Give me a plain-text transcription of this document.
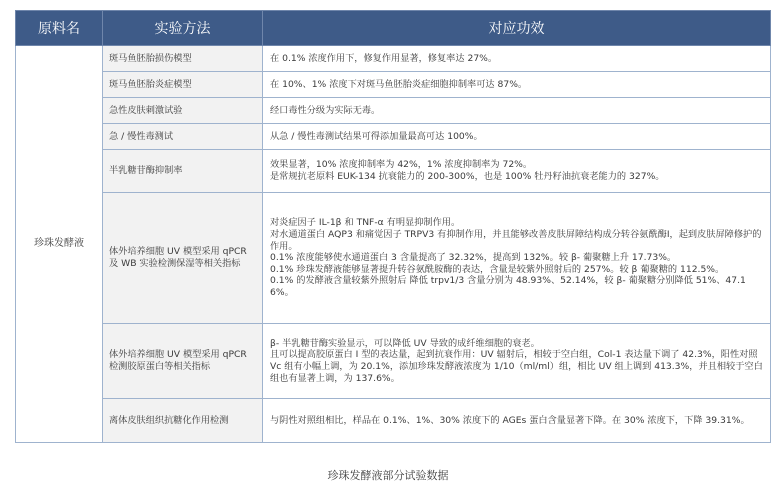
原料名	实验方法	对应功效
珍珠发酵液	斑马鱼胚胎损伤模型	在 0.1% 浓度作用下，修复作用显著，修复率达 27%。

	斑马鱼胚胎炎症模型	在 10%、1% 浓度下对斑马鱼胚胎炎症细胞抑制率可达 87%。

	急性皮肤刺激试验	经口毒性分级为实际无毒。

	急 / 慢性毒测试	从急 / 慢性毒测试结果可得添加量最高可达 100%。

	半乳糖苷酶抑制率	效果显著，10% 浓度抑制率为 42%，1% 浓度抑制率为 72%。
是常规抗老原料 EUK-134 抗衰能力的 200-300%，也是 100% 牡丹籽油抗衰老能力的 327%。

	体外培养细胞 UV 模型采用 qPCR 及 WB 实验检测保湿等相关指标	对炎症因子 IL-1β 和 TNF-α 有明显抑制作用。
对水通道蛋白 AQP3 和痛觉因子 TRPV3 有抑制作用，并且能够改善皮肤屏障结构成分转谷氨酰酶Ⅰ，起到皮肤屏障修护的作用。
0.1% 浓度能够使水通道蛋白 3 含量提高了 32.32%，提高到 132%。较 β- 葡聚糖上升 17.73%。
0.1% 珍珠发酵液能够显著提升转谷氨酰胺酶的表达，含量是较紫外照射后的 257%。较 β 葡聚糖的 112.5%。
0.1% 的发酵液含量较紫外照射后 降低 trpv1/3 含量分别为 48.93%、52.14%，较 β- 葡聚糖分别降低 51%、47.16%。

	体外培养细胞 UV 模型采用 qPCR 检测胶原蛋白等相关指标	β- 半乳糖苷酶实验显示，可以降低 UV 导致的成纤维细胞的衰老。
且可以提高胶原蛋白 I 型的表达量，起到抗衰作用：UV 辐射后，相较于空白组，Col-1 表达量下调了 42.3%，阳性对照 Vc 组有小幅上调，为 20.1%，添加珍珠发酵液浓度为 1/10（ml/ml）组，相比 UV 组上调到 413.3%，并且相较于空白组也有显著上调，为 137.6%。

	离体皮肤组织抗糖化作用检测	与阴性对照组相比，样品在 0.1%、1%、30% 浓度下的 AGEs 蛋白含量显著下降。在 30% 浓度下，下降 39.31%。
珍珠发酵液部分试验数据
